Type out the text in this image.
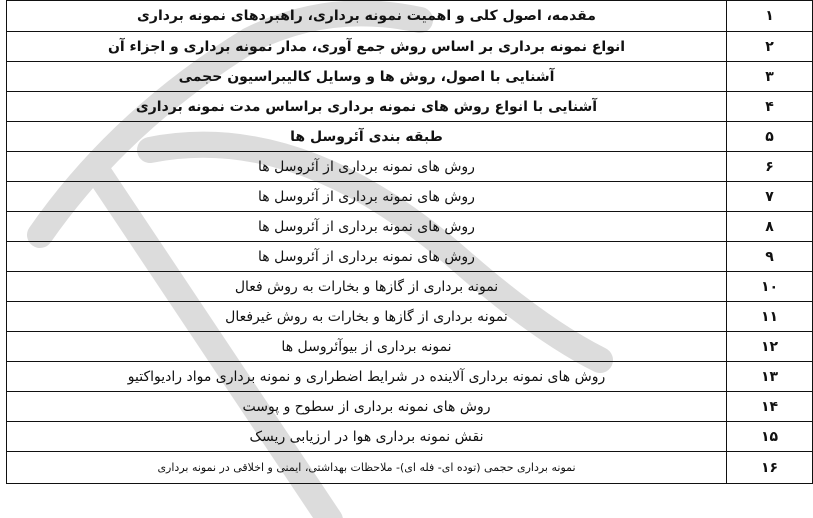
۱	مقدمه، اصول کلی و اهمیت نمونه برداری، راهبردهای نمونه برداری
۲	انواع نمونه برداری بر اساس روش جمع آوری، مدار نمونه برداری و اجزاء آن
۳	آشنایی با اصول، روش ها و وسایل کالیبراسیون حجمی
۴	آشنایی با انواع روش های نمونه برداری براساس مدت نمونه برداری
۵	طبقه بندی آئروسل ها
۶	روش های نمونه برداری از آئروسل ها
۷	روش های نمونه برداری از آئروسل ها
۸	روش های نمونه برداری از آئروسل ها
۹	روش های نمونه برداری از آئروسل ها
۱۰	نمونه برداری از گازها و بخارات به روش فعال
۱۱	نمونه برداری از گازها و بخارات به روش غیرفعال
۱۲	نمونه برداری از بیوآئروسل ها
۱۳	روش های نمونه برداری آلاینده در شرایط اضطراری و نمونه برداری مواد رادیواکتیو
۱۴	روش های نمونه برداری از سطوح و پوست
۱۵	نقش نمونه برداری هوا در ارزیابی ریسک
۱۶	نمونه برداری حجمی (توده ای- فله ای)- ملاحظات بهداشتی، ایمنی و اخلاقی در نمونه برداری
